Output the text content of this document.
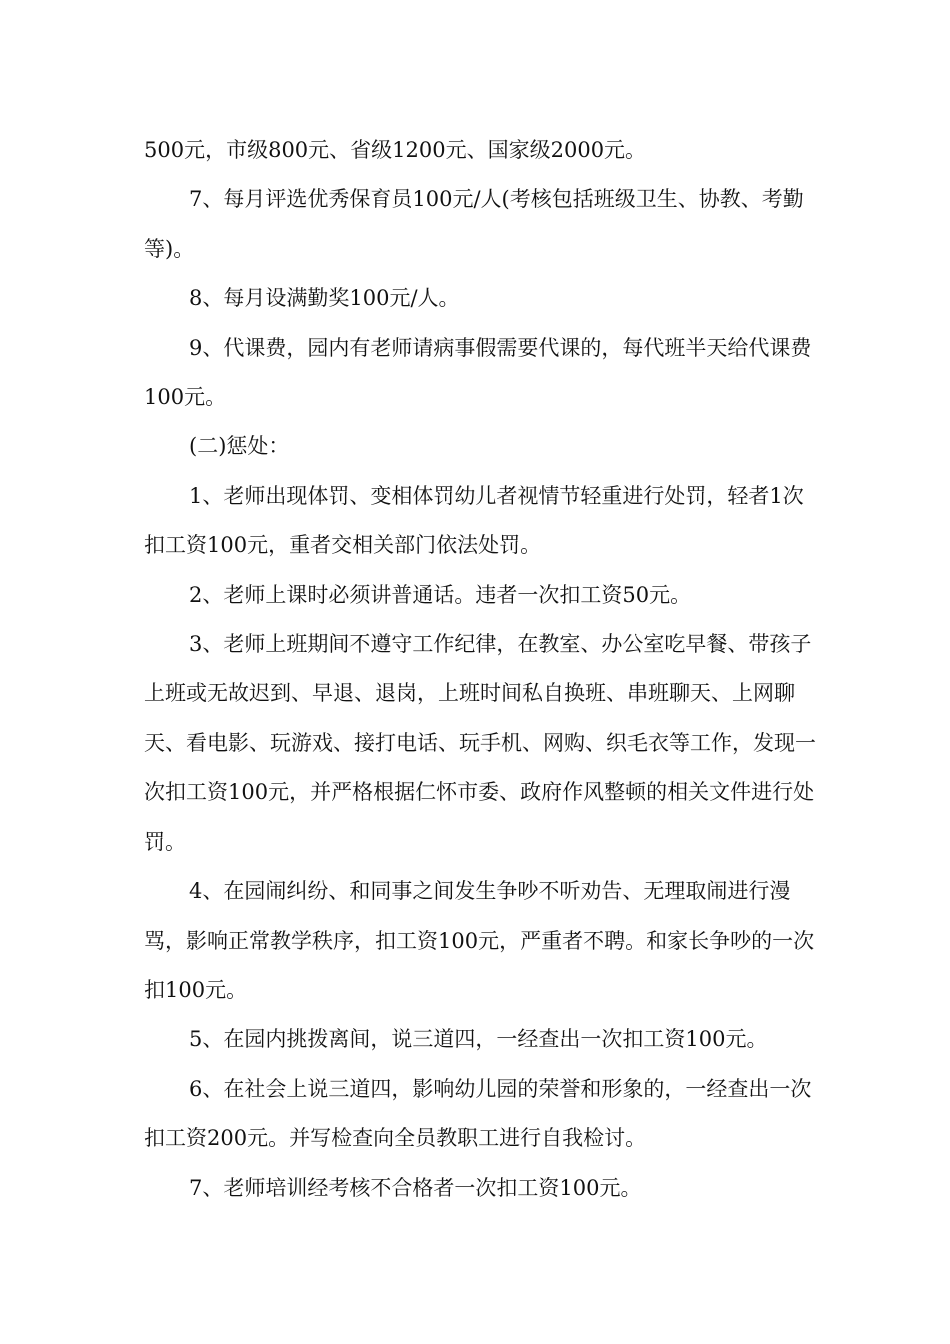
500元，市级800元、省级1200元、国家级2000元。

7、每月评选优秀保育员100元/人(考核包括班级卫生、协教、考勤等)。

8、每月设满勤奖100元/人。

9、代课费，园内有老师请病事假需要代课的，每代班半天给代课费100元。

(二)惩处：

1、老师出现体罚、变相体罚幼儿者视情节轻重进行处罚，轻者1次扣工资100元，重者交相关部门依法处罚。

2、老师上课时必须讲普通话。违者一次扣工资50元。

3、老师上班期间不遵守工作纪律，在教室、办公室吃早餐、带孩子上班或无故迟到、早退、退岗，上班时间私自换班、串班聊天、上网聊天、看电影、玩游戏、接打电话、玩手机、网购、织毛衣等工作，发现一次扣工资100元，并严格根据仁怀市委、政府作风整顿的相关文件进行处罚。

4、在园闹纠纷、和同事之间发生争吵不听劝告、无理取闹进行漫骂，影响正常教学秩序，扣工资100元，严重者不聘。和家长争吵的一次扣100元。

5、在园内挑拨离间，说三道四，一经查出一次扣工资100元。

6、在社会上说三道四，影响幼儿园的荣誉和形象的，一经查出一次扣工资200元。并写检查向全员教职工进行自我检讨。

7、老师培训经考核不合格者一次扣工资100元。
